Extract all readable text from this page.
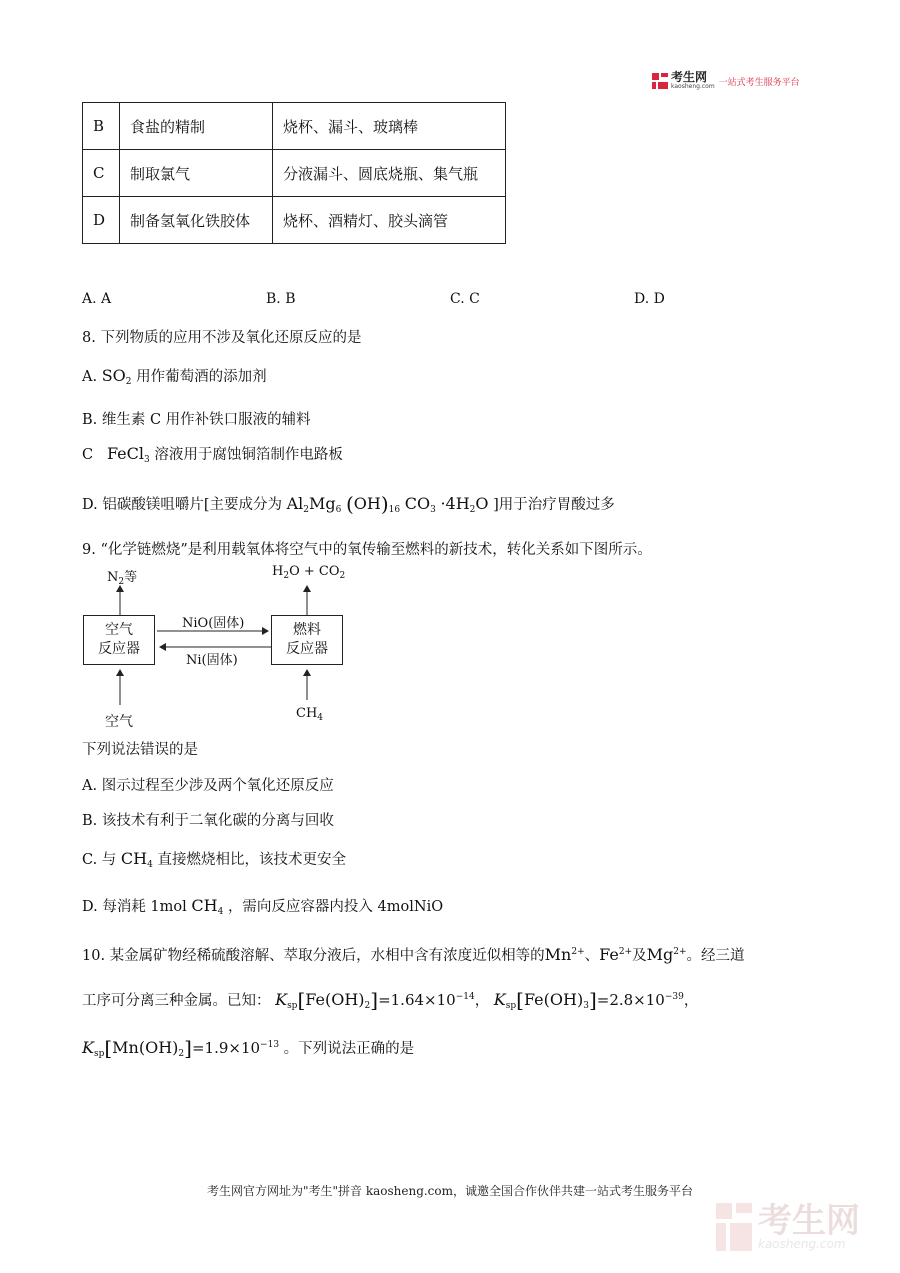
考生网
kaosheng.com 一站式考生服务平台
B	食盐的精制	烧杯、漏斗、玻璃棒
C	制取氯气	分液漏斗、圆底烧瓶、集气瓶
D	制备氢氧化铁胶体	烧杯、酒精灯、胶头滴管
A. A	B. B	C. C	D. D
8. 下列物质的应用不涉及氧化还原反应的是
A. $SO_2$ 用作葡萄酒的添加剂
B. 维生素 C 用作补铁口服液的辅料
C FeCl$_3$ 溶液用于腐蚀铜箔制作电路板
D. 铝碳酸镁咀嚼片[主要成分为 $Al_2Mg_6$ $(OH)_{16}$ $CO_3 \cdot 4H_2O$ ]用于治疗胃酸过多
9. “化学链燃烧”是利用载氧体将空气中的氧传输至燃料的新技术，转化关系如下图所示。
$N_2$等	$H_2O + CO_2$
空气
反应器
燃料
反应器
NiO(固体)
Ni(固体)
空气
$CH_4$
下列说法错误的是
A. 图示过程至少涉及两个氧化还原反应
B. 该技术有利于二氧化碳的分离与回收
C. 与 $CH_4$ 直接燃烧相比，该技术更安全
D. 每消耗 1mol $CH_4$ ，需向反应容器内投入 4molNiO
10. 某金属矿物经稀硫酸溶解、萃取分液后，水相中含有浓度近似相等的$Mn^{2+}$、$Fe^{2+}$及$Mg^{2+}$。经三道
工序可分离三种金属。已知： $K_{sp}[Fe(OH)_2]=1.64\times 10^{-14}$， $K_{sp}[Fe(OH)_3]=2.8\times 10^{-39}$，
$K_{sp}[Mn(OH)_2]=1.9\times 10^{-13}$ 。下列说法正确的是
考生网官方网址为"考生"拼音 kaosheng.com，诚邀全国合作伙伴共建一站式考生服务平台
考生网
kaosheng.com
